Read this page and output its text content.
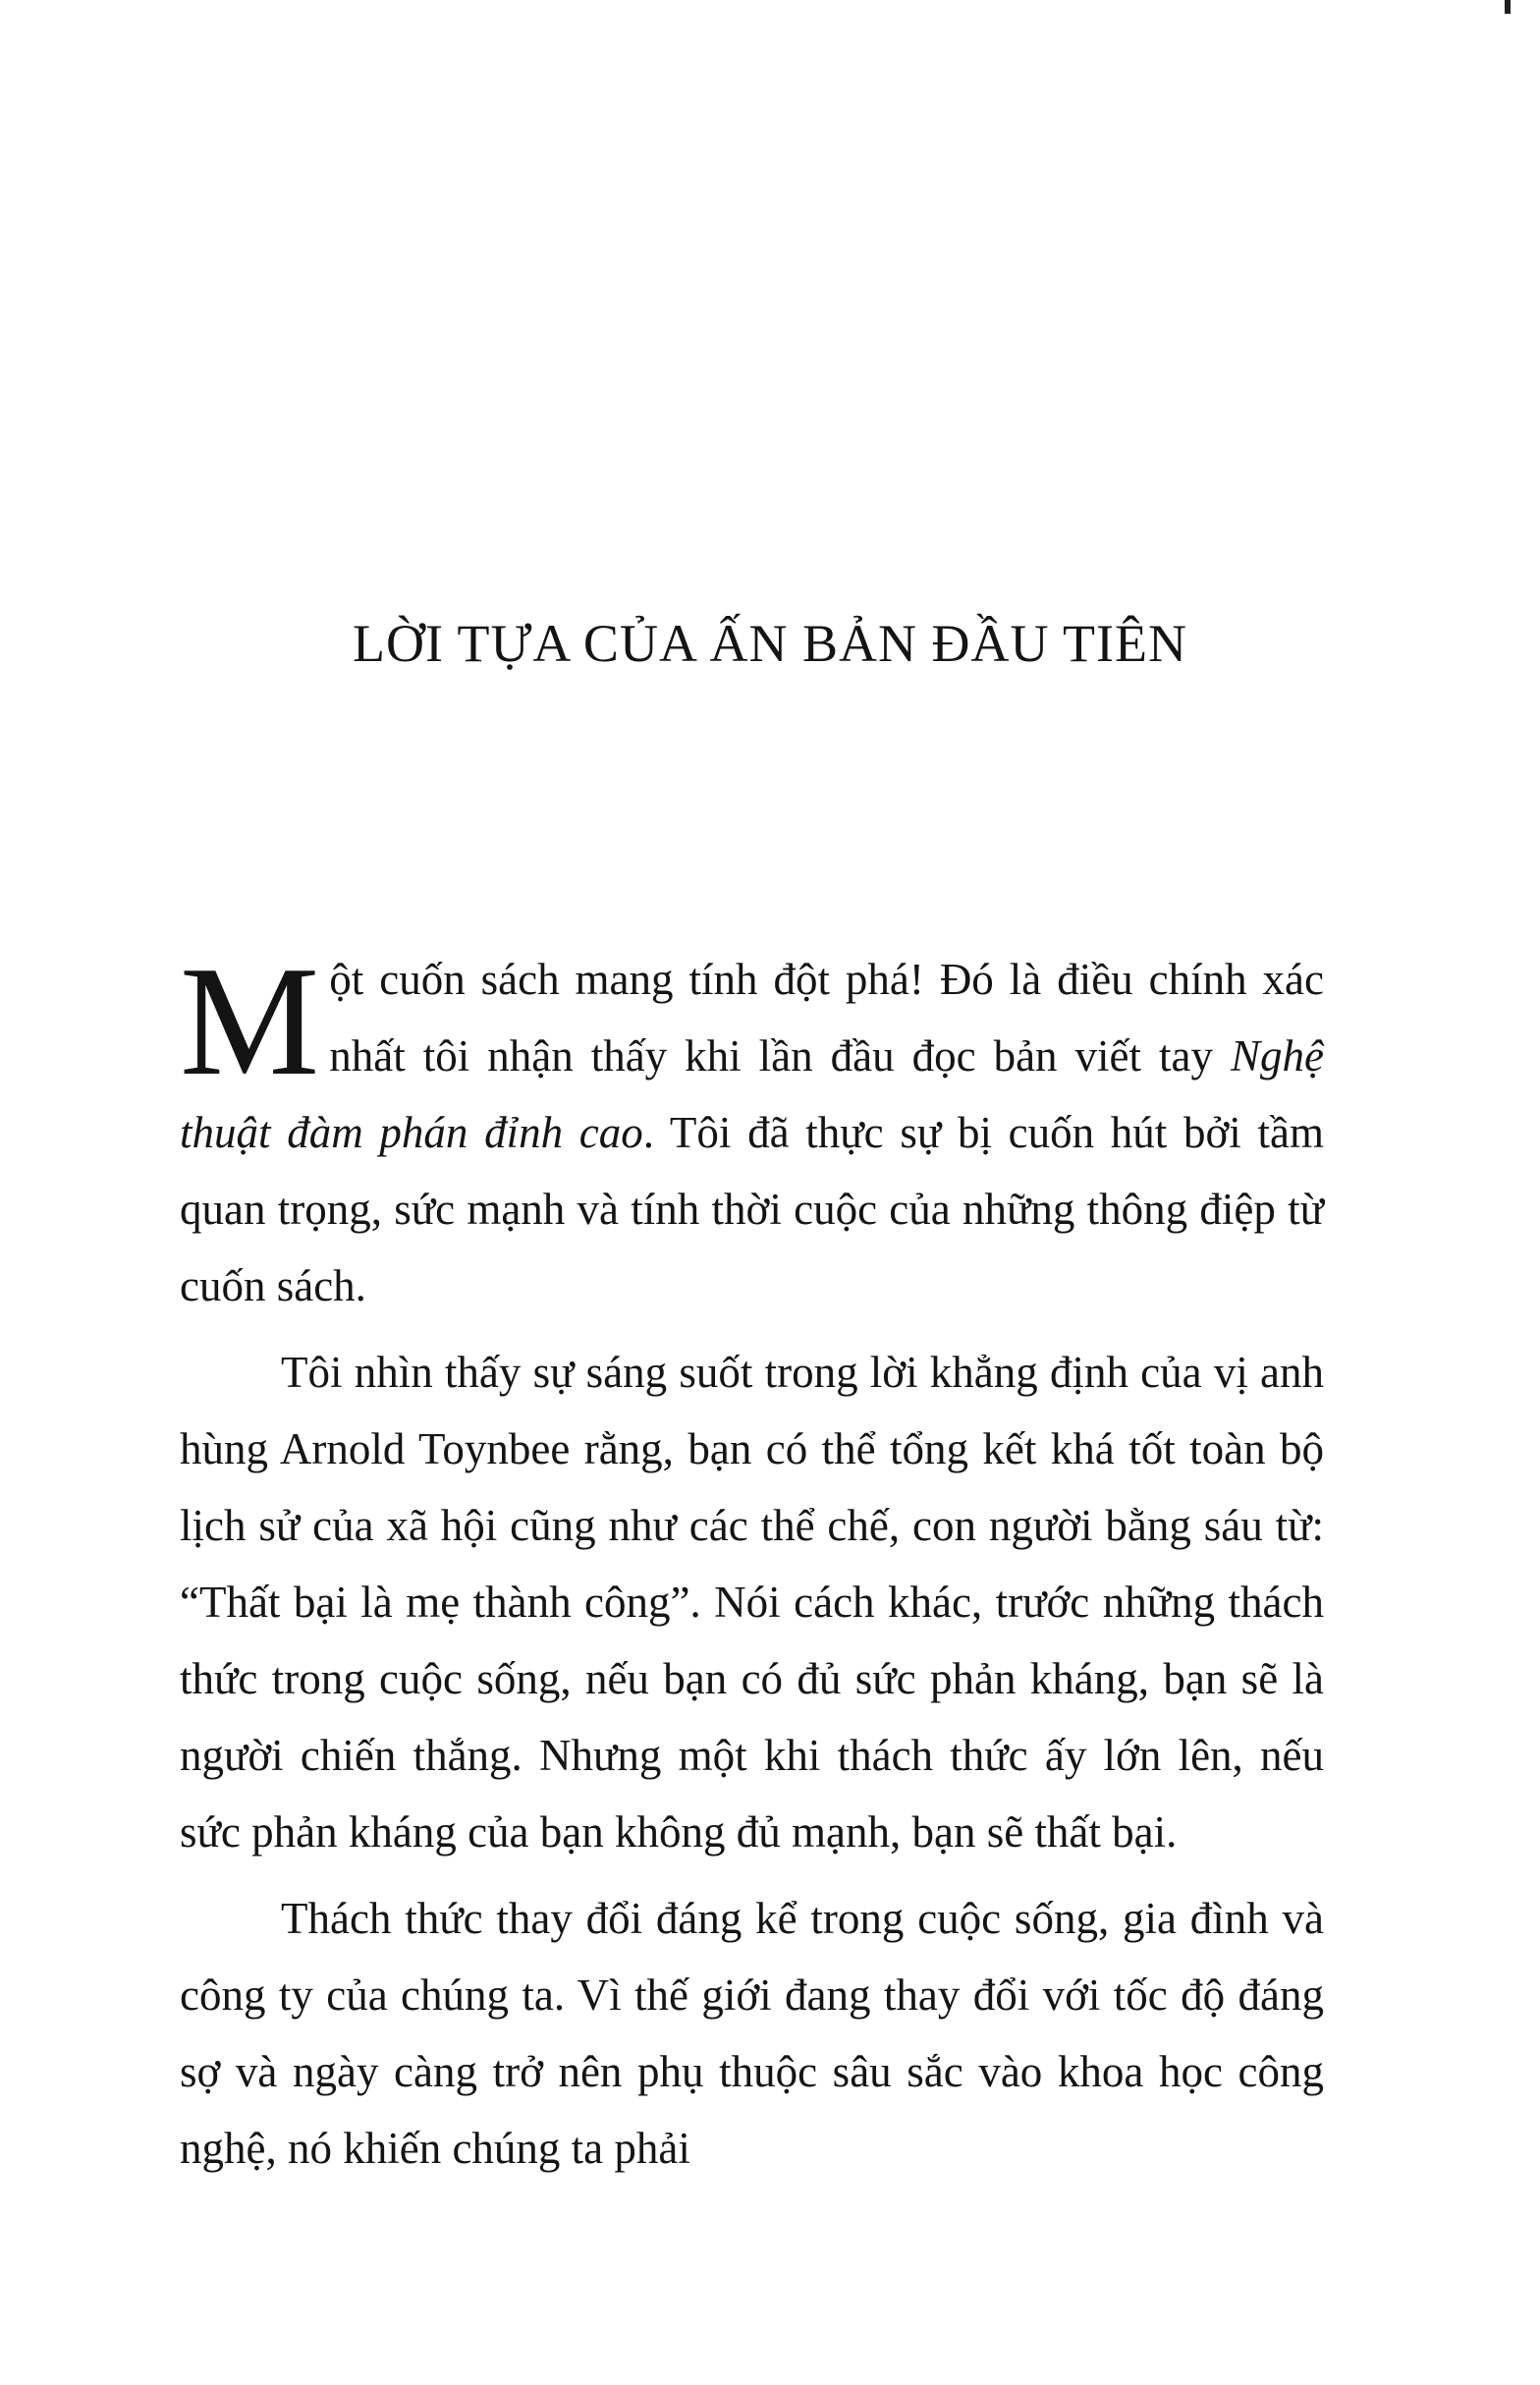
LỜI TỰA CỦA ẤN BẢN ĐẦU TIÊN

Một cuốn sách mang tính đột phá! Đó là điều chính xác nhất tôi nhận thấy khi lần đầu đọc bản viết tay Nghệ thuật đàm phán đỉnh cao. Tôi đã thực sự bị cuốn hút bởi tầm quan trọng, sức mạnh và tính thời cuộc của những thông điệp từ cuốn sách.

Tôi nhìn thấy sự sáng suốt trong lời khẳng định của vị anh hùng Arnold Toynbee rằng, bạn có thể tổng kết khá tốt toàn bộ lịch sử của xã hội cũng như các thể chế, con người bằng sáu từ: “Thất bại là mẹ thành công”. Nói cách khác, trước những thách thức trong cuộc sống, nếu bạn có đủ sức phản kháng, bạn sẽ là người chiến thắng. Nhưng một khi thách thức ấy lớn lên, nếu sức phản kháng của bạn không đủ mạnh, bạn sẽ thất bại.

Thách thức thay đổi đáng kể trong cuộc sống, gia đình và công ty của chúng ta. Vì thế giới đang thay đổi với tốc độ đáng sợ và ngày càng trở nên phụ thuộc sâu sắc vào khoa học công nghệ, nó khiến chúng ta phải
